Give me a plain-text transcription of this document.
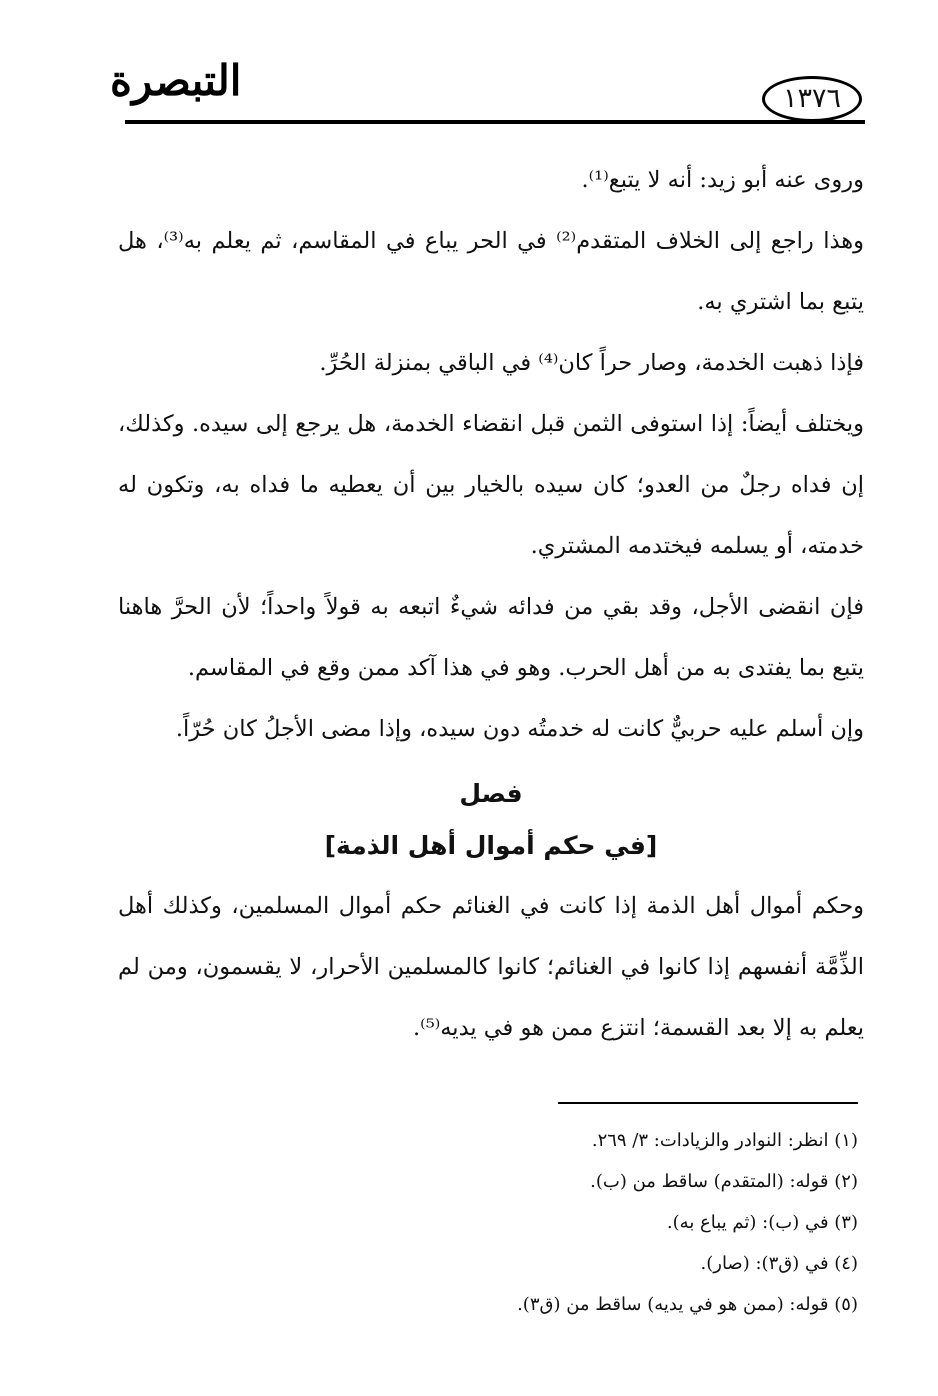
التبصرة	١٣٧٦

وروى عنه أبو زيد: أنه لا يتبع⁽¹⁾.

وهذا راجع إلى الخلاف المتقدم⁽²⁾ في الحر يباع في المقاسم، ثم يعلم به⁽³⁾، هل يتبع بما اشتري به.

فإذا ذهبت الخدمة، وصار حراً كان⁽⁴⁾ في الباقي بمنزلة الحُرِّ.

ويختلف أيضاً: إذا استوفى الثمن قبل انقضاء الخدمة، هل يرجع إلى سيده. وكذلك، إن فداه رجلٌ من العدو؛ كان سيده بالخيار بين أن يعطيه ما فداه به، وتكون له خدمته، أو يسلمه فيختدمه المشتري.

فإن انقضى الأجل، وقد بقي من فدائه شيءٌ اتبعه به قولاً واحداً؛ لأن الحرَّ هاهنا يتبع بما يفتدى به من أهل الحرب. وهو في هذا آكد ممن وقع في المقاسم.

وإن أسلم عليه حربيٌّ كانت له خدمتُه دون سيده، وإذا مضى الأجلُ كان حُرّاً.

فصل

[في حكم أموال أهل الذمة]

وحكم أموال أهل الذمة إذا كانت في الغنائم حكم أموال المسلمين، وكذلك أهل الذِّمَّة أنفسهم إذا كانوا في الغنائم؛ كانوا كالمسلمين الأحرار، لا يقسمون، ومن لم يعلم به إلا بعد القسمة؛ انتزع ممن هو في يديه⁽⁵⁾.

(١) انظر: النوادر والزيادات: ٣/ ٢٦٩.

(٢) قوله: (المتقدم) ساقط من (ب).

(٣) في (ب): (ثم يباع به).

(٤) في (ق٣): (صار).

(٥) قوله: (ممن هو في يديه) ساقط من (ق٣).
